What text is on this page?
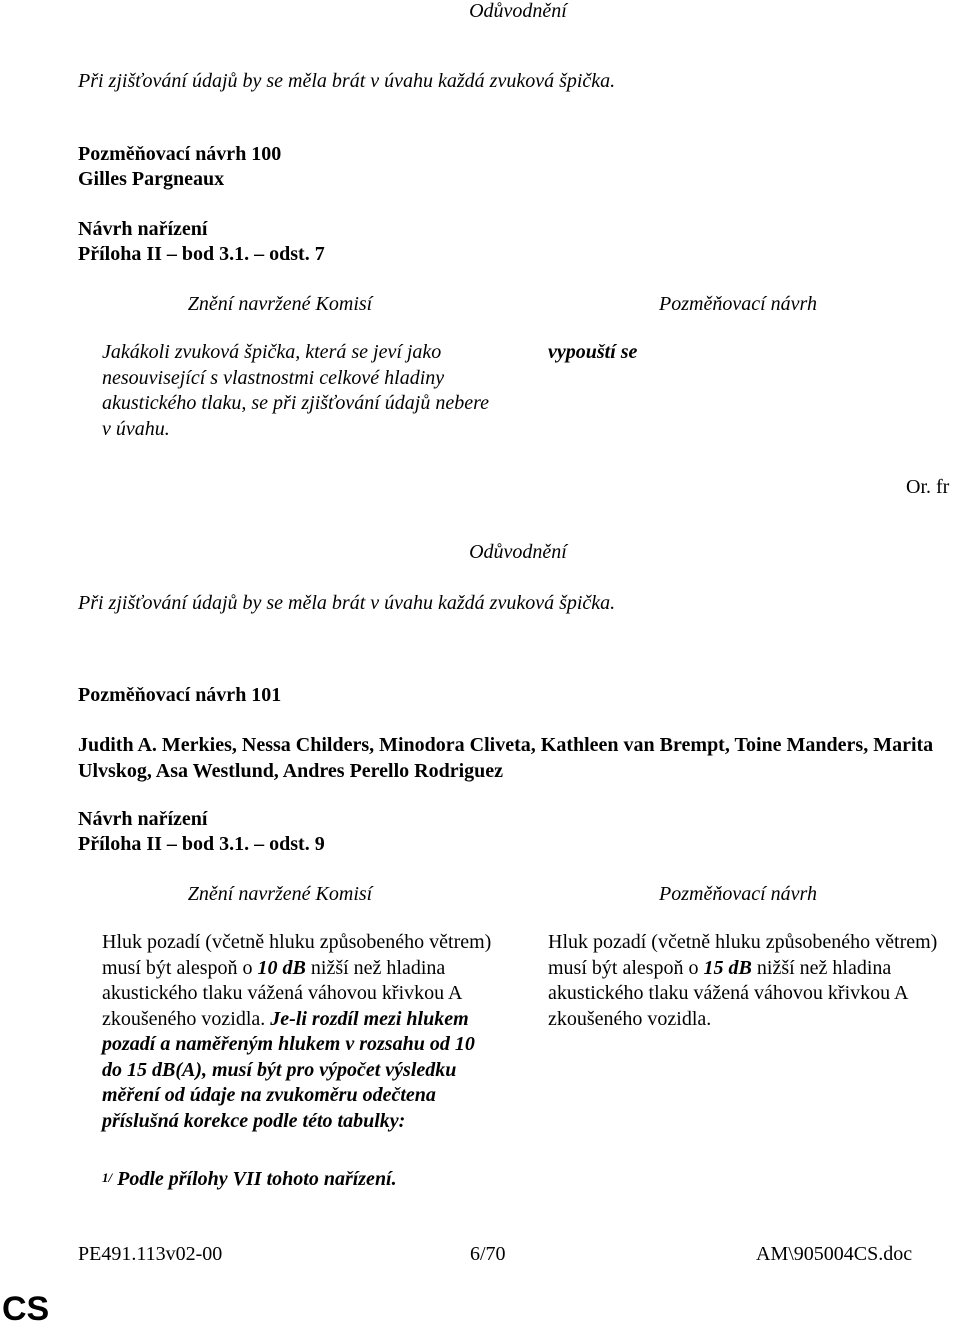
Odůvodnění
Při zjišťování údajů by se měla brát v úvahu každá zvuková špička.
Pozměňovací návrh 100
Gilles Pargneaux
Návrh nařízení
Příloha II – bod 3.1. – odst. 7
Znění navržené Komisí	Pozměňovací návrh
Jakákoli zvuková špička, která se jeví jako nesouvisející s vlastnostmi celkové hladiny akustického tlaku, se při zjišťování údajů nebere v úvahu.
vypouští se
Or. fr
Odůvodnění
Při zjišťování údajů by se měla brát v úvahu každá zvuková špička.
Pozměňovací návrh 101
Judith A. Merkies, Nessa Childers, Minodora Cliveta, Kathleen van Brempt, Toine Manders, Marita Ulvskog, Asa Westlund, Andres Perello Rodriguez
Návrh nařízení
Příloha II – bod 3.1. – odst. 9
Znění navržené Komisí	Pozměňovací návrh
Hluk pozadí (včetně hluku způsobeného větrem) musí být alespoň o 10 dB nižší než hladina akustického tlaku vážená váhovou křivkou A zkoušeného vozidla. Je-li rozdíl mezi hlukem pozadí a naměřeným hlukem v rozsahu od 10 do 15 dB(A), musí být pro výpočet výsledku měření od údaje na zvukoměru odečtena příslušná korekce podle této tabulky:
$^{1/}$ Podle přílohy VII tohoto nařízení.
Hluk pozadí (včetně hluku způsobeného větrem) musí být alespoň o 15 dB nižší než hladina akustického tlaku vážená váhovou křivkou A zkoušeného vozidla.
PE491.113v02-00	6/70	AM\905004CS.doc
CS
